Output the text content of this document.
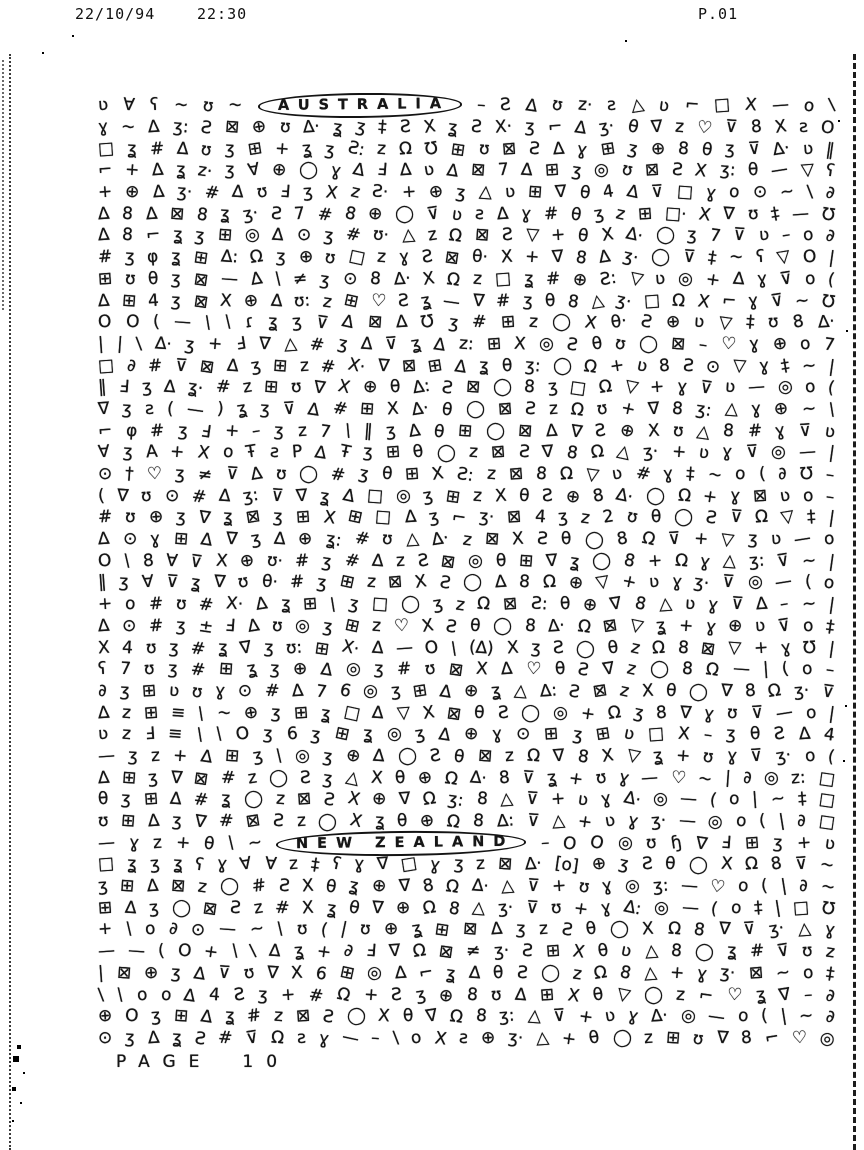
22/10/94	22:30	P.01
ʋ ∀ ʕ ~ ʊ ~	AUSTRALIA	– Ƨ ∆ ʊ z· ƨ △ ʋ ⌐ □ X — o \
ɣ ~ ∆ ʒ: Ƨ ⊠ ⊕ ʊ ∆· ʓ ʒ ‡ Ƨ X ʓ Ƨ X· ʒ ⌐ ∆ ʒ· θ ∇ z ♡ ⊽ 8 X ƨ O
□ ʓ # ∆ ʊ ʒ ⊞ + ʓ ʒ Ƨ: z Ω ℧ ⊞ ʊ ⊠ Ƨ ∆ ɣ ⊞ ʒ ⊕ 8 θ ʒ ⊽ ∆· ʋ ‖
⌐ + ∆ ʓ z· ʒ ∀ ⊕ ◯ ɣ ∆ Ⅎ ∆ ʋ ∆ ⊠ 7 ∆ ⊞ ʒ ◎ ʊ ⊠ Ƨ X ʒ: θ — ▽ ʕ
+ ⊕ ∆ ʒ· # ∆ ʊ Ⅎ ʒ X z Ƨ· + ⊕ ʒ △ ʋ ⊞ ∇ θ 4 ∆ ⊽ □ ɣ o ⊙ ~ \ ∂
∆ 8 ∆ ⊠ 8 ʓ ʒ· Ƨ 7 # 8 ⊕ ◯ ⊽ ʋ ƨ ∆ ɣ # θ ʒ z ⊞ □· X ∇ ʊ ‡ — ℧
∆ 8 ⌐ ʓ ʒ ⊞ ◎ ∆ ⊙ ʒ # ʊ· △ z Ω ⊠ Ƨ ▽ + θ X ∆· ◯ ʒ 7 ⊽ ʋ – o ∂
# ʒ φ ʓ ⊞ ∆: Ω ʒ ⊕ ʊ □ z ɣ Ƨ ⊠ θ· X + ∇ 8 ∆ ʒ· ◯ ⊽ ‡ ~ ʕ ▽ O |
⊞ ʊ θ ʒ ⊠ — ∆ \ ≠ ʒ ⊙ 8 ∆· X Ω z □ ʓ # ⊕ Ƨ: ▽ ʋ ◎ + ∆ ɣ ⊽ o (
∆ ⊞ 4 ʒ ⊠ X ⊕ ∆ ʊ: z ⊞ ♡ Ƨ ʓ — ∇ # ʒ θ 8 △ ʒ· □ Ω X ⌐ ɣ ⊽ ~ ℧
O O ( — \ \ ɾ ʓ ʒ ⊽ ∆ ⊠ ∆ ℧ ʒ # ⊞ z ◯ X θ· Ƨ ⊕ ʋ ▽ ‡ ʊ 8 ∆·
| | \ ∆· ʒ + Ⅎ ∇ △ # ʒ ∆ ⊽ ʓ ∆ z: ⊞ X ◎ Ƨ θ ʊ ◯ ⊠ – ♡ ɣ ⊕ o 7
□ ∂ # ⊽ ⊠ ∆ ʒ ⊞ z # X· ∇ ⊠ ⊞ ∆ ʓ θ ʒ: ◯ Ω + ʋ 8 Ƨ ⊙ ▽ ɣ ‡ ~ |
‖ Ⅎ ʒ ∆ ʓ· # z ⊞ ʊ ∇ X ⊕ θ ∆: Ƨ ⊠ ◯ 8 ʒ □ Ω ▽ + ɣ ⊽ ʋ — ◎ o (
∇ ʒ ƨ ( — ) ʓ ʒ ⊽ ∆ # ⊞ X ∆· θ ◯ ⊠ Ƨ z Ω ʊ + ∇ 8 ʒ: △ ɣ ⊕ ~ \
⌐ φ # ʒ Ⅎ + – ʒ z 7 \ ‖ ʒ ∆ θ ⊞ ◯ ⊠ ∆ ∇ Ƨ ⊕ X ʊ △ 8 # ɣ ⊽ ʋ
∀ ʒ A + X o Ŧ ƨ P ∆ Ŧ ʒ ⊞ θ ◯ z ⊠ Ƨ ∇ 8 Ω △ ʒ· + ʋ ɣ ⊽ ◎ — |
⊙ † ♡ ʒ ≠ ⊽ ∆ ʊ ◯ # ʒ θ ⊞ X Ƨ: z ⊠ 8 Ω ▽ ʋ # ɣ ‡ ~ o ( ∂ ℧ –
( ∇ ʊ ⊙ # ∆ ʒ: ⊽ ∇ ʓ ∆ □ ◎ ʒ ⊞ z X θ Ƨ ⊕ 8 ∆· ◯ Ω + ɣ ⊠ ʋ o –
# ʊ ⊕ ʒ ∇ ʓ ⊠ ʒ ⊞ X ⊞ □ ∆ ʒ ⌐ ʒ· ⊠ 4 ʒ z 2 ʊ θ ◯ Ƨ ⊽ Ω ▽ ‡ |
∆ ⊙ ɣ ⊞ ∆ ∇ ʒ ∆ ⊕ ʓ: # ʊ △ ∆· z ⊠ X Ƨ θ ◯ 8 Ω ⊽ + ▽ ʒ ʋ — o
O \ 8 ∀ ⊽ X ⊕ ʊ· # ʒ # ∆ z Ƨ ⊠ ◎ θ ⊞ ∇ ʓ ◯ 8 + Ω ɣ △ ʒ: ⊽ ~ |
‖ ʒ ∀ ⊽ ʓ ∇ ʊ θ· # ʒ ⊞ z ⊠ X Ƨ ◯ ∆ 8 Ω ⊕ ▽ + ʋ ɣ ʒ· ⊽ ◎ — ( o
+ o # ʊ # X· ∆ ʓ ⊞ \ ʒ □ ◯ ʒ z Ω ⊠ Ƨ: θ ⊕ ∇ 8 △ ʋ ɣ ⊽ ∆ – ~ |
∆ ⊙ # ʒ ± Ⅎ ∆ ʊ ◎ ʒ ⊞ z ♡ X Ƨ θ ◯ 8 ∆· Ω ⊠ ▽ ʓ + ɣ ⊕ ʋ ⊽ o ‡
X 4 ʊ ʒ # ʓ ∇ ʒ ʊ: ⊞ X· ∆ — O \ (∆) X ʒ Ƨ ◯ θ z Ω 8 ⊠ ▽ + ɣ ℧ |
ʕ 7 ʊ ʒ # ⊞ ʓ ʒ ⊕ ∆ ◎ ʒ # ʊ ⊠ X ∆ ♡ θ Ƨ ∇ z ◯ 8 Ω — | ( o –
∂ ʒ ⊞ ʋ ʊ ɣ ⊙ # ∆ 7 6 ◎ ʒ ⊞ ∆ ⊕ ʓ △ ∆: Ƨ ⊠ z X θ ◯ ∇ 8 Ω ʒ· ⊽
∆ z ⊞ ≡ \ ~ ⊕ ʒ ⊞ ʓ □ ∆ ▽ X ⊠ θ Ƨ ◯ ◎ + Ω ʒ 8 ∇ ɣ ʊ ⊽ — o |
ʋ z Ⅎ ≡ \ \ O ʒ 6 ʒ ⊞ ʓ ◎ ʒ ∆ ⊕ ɣ ⊙ ⊞ ʒ ⊞ ʋ □ X – ʒ θ Ƨ ∆ 4
— ʒ z + ∆ ⊞ ʒ \ ◎ ʒ ⊕ ∆ ◯ Ƨ θ ⊠ z Ω ∇ 8 X ▽ ʓ + ʊ ɣ ⊽ ʒ· o (
∆ ⊞ ʒ ∇ ⊠ # z ◯ Ƨ ʒ △ X θ ⊕ Ω ∆· 8 ⊽ ʓ + ʊ ɣ — ♡ ~ | ∂ ◎ z: □
θ ʒ ⊞ ∆ # ʓ ◯ z ⊠ Ƨ X ⊕ ∇ Ω ʒ: 8 △ ⊽ + ʋ ɣ ∆· ◎ — ( o | ~ ‡ □
ʊ ⊞ ∆ ʒ ∇ # ⊠ Ƨ z ◯ X ʓ θ ⊕ Ω 8 ∆: ⊽ △ + ʋ ɣ ʒ· — ◎ o ( | ∂ □
— ɣ z + θ \ ~	NEW ZEALAND	– O O ◎ ʊ ɧ ∇ Ⅎ ⊞ ʒ + ʋ
□ ʓ ʒ ʓ ʕ ɣ ∀ ∀ z ‡ ʕ ɣ ∇ □ ɣ ʒ z ⊠ ∆· [o] ⊕ ʒ Ƨ θ ◯ X Ω 8 ⊽ ~
ʒ ⊞ ∆ ⊠ z ◯ # Ƨ X θ ʓ ⊕ ∇ 8 Ω ∆· △ ⊽ + ʊ ɣ ◎ ʒ: — ♡ o ( | ∂ ~
⊞ ∆ ʒ ◯ ⊠ Ƨ z # X ʓ θ ∇ ⊕ Ω 8 △ ʒ· ⊽ ʊ + ɣ ∆: ◎ — ( o ‡ | □ ℧
+ \ o ∂ ⊙ — ~ \ ʊ ( | ʊ ⊕ ʓ ⊞ ⊠ ∆ ʒ z Ƨ θ ◯ X Ω 8 ∇ ⊽ ʒ· △ ɣ
— — ( O + \ \ ∆ ʓ + ∂ Ⅎ ∇ Ω ⊠ ≠ ʒ· Ƨ ⊞ X θ ʋ △ 8 ◯ ʓ # ⊽ ʊ z
| ⊠ ⊕ ʒ ∆ ⊽ ʊ ∇ X 6 ⊞ ◎ ∆ ⌐ ʓ ∆ θ Ƨ ◯ z Ω 8 △ + ɣ ʒ· ⊠ ~ o ‡
\ \ o o ∆ 4 Ƨ ʒ + # Ω + Ƨ ʒ ⊕ 8 ʊ ∆ ⊞ X θ ▽ ◯ z ⌐ ♡ ʓ ∇ – ∂
⊕ O ʒ ⊞ ∆ ʓ # z ⊠ Ƨ ◯ X θ ∇ Ω 8 ʒ: △ ⊽ + ʋ ɣ ∆· ◎ — o ( | ~ ∂
⊙ ʒ ∆ ʓ Ƨ # ⊽ Ω ƨ ɣ — – \ o X ƨ ⊕ ʒ· △ + θ ◯ z ⊞ ʊ ∇ 8 ⌐ ♡ ◎
PAGE 10
